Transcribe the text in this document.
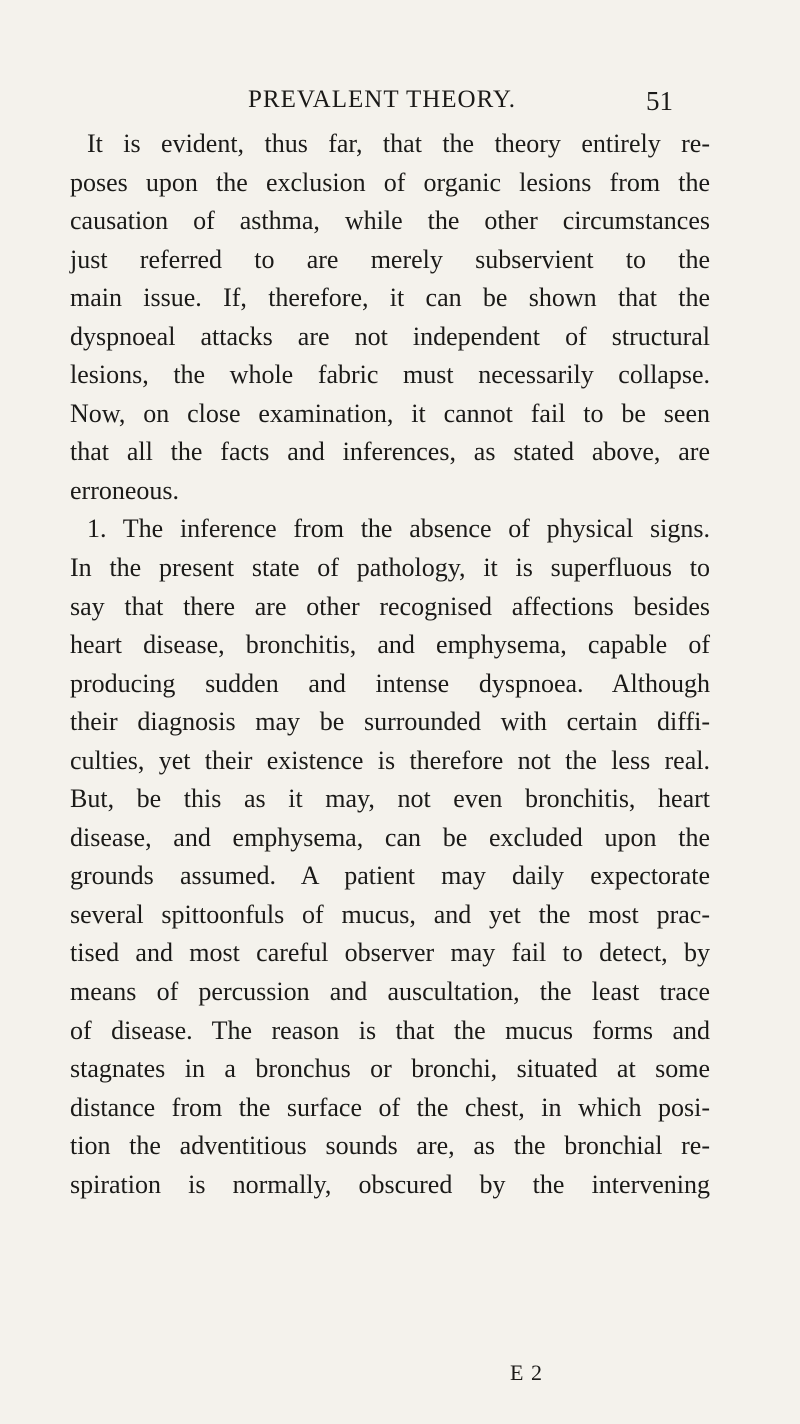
PREVALENT THEORY.	51
It is evident, thus far, that the theory entirely re-
poses upon the exclusion of organic lesions from the
causation of asthma, while the other circumstances
just referred to are merely subservient to the
main issue. If, therefore, it can be shown that the
dyspnoeal attacks are not independent of structural
lesions, the whole fabric must necessarily collapse.
Now, on close examination, it cannot fail to be seen
that all the facts and inferences, as stated above, are
erroneous.
1. The inference from the absence of physical signs.
In the present state of pathology, it is superfluous to
say that there are other recognised affections besides
heart disease, bronchitis, and emphysema, capable of
producing sudden and intense dyspnoea. Although
their diagnosis may be surrounded with certain diffi-
culties, yet their existence is therefore not the less real.
But, be this as it may, not even bronchitis, heart
disease, and emphysema, can be excluded upon the
grounds assumed. A patient may daily expectorate
several spittoonfuls of mucus, and yet the most prac-
tised and most careful observer may fail to detect, by
means of percussion and auscultation, the least trace
of disease. The reason is that the mucus forms and
stagnates in a bronchus or bronchi, situated at some
distance from the surface of the chest, in which posi-
tion the adventitious sounds are, as the bronchial re-
spiration is normally, obscured by the intervening
E 2
